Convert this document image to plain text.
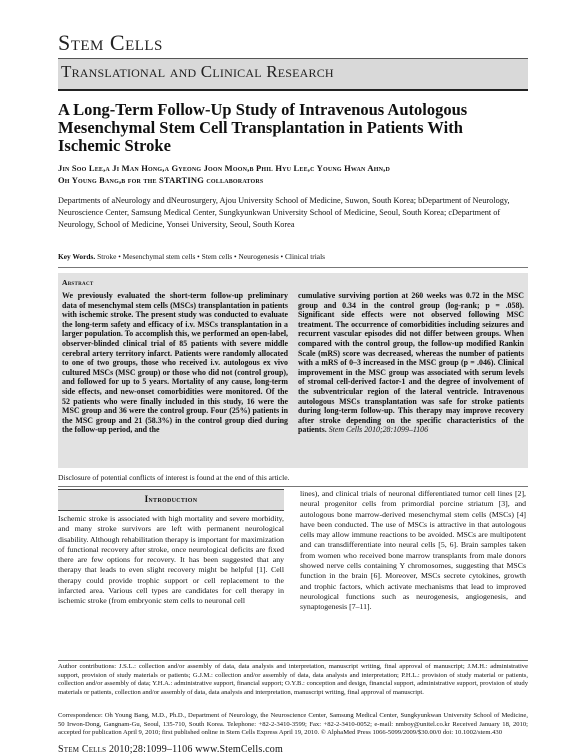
Stem Cells
Translational and Clinical Research
A Long-Term Follow-Up Study of Intravenous Autologous Mesenchymal Stem Cell Transplantation in Patients With Ischemic Stroke
Jin Soo Lee,a Ji Man Hong,a Gyeong Joon Moon,b Phil Hyu Lee,c Young Hwan Ahn,d
Oh Young Bang,b for the STARTING collaborators
Departments of aNeurology and dNeurosurgery, Ajou University School of Medicine, Suwon, South Korea; bDepartment of Neurology, Neuroscience Center, Samsung Medical Center, Sungkyunkwan University School of Medicine, Seoul, South Korea; cDepartment of Neurology, School of Medicine, Yonsei University, Seoul, South Korea
Key Words. Stroke • Mesenchymal stem cells • Stem cells • Neurogenesis • Clinical trials
Abstract
We previously evaluated the short-term follow-up preliminary data of mesenchymal stem cells (MSCs) transplantation in patients with ischemic stroke. The present study was conducted to evaluate the long-term safety and efficacy of i.v. MSCs transplantation in a larger population. To accomplish this, we performed an open-label, observer-blinded clinical trial of 85 patients with severe middle cerebral artery territory infarct. Patients were randomly allocated to one of two groups, those who received i.v. autologous ex vivo cultured MSCs (MSC group) or those who did not (control group), and followed for up to 5 years. Mortality of any cause, long-term side effects, and new-onset comorbidities were monitored. Of the 52 patients who were finally included in this study, 16 were the MSC group and 36 were the control group. Four (25%) patients in the MSC group and 21 (58.3%) in the control group died during the follow-up period, and the
cumulative surviving portion at 260 weeks was 0.72 in the MSC group and 0.34 in the control group (log-rank; p = .058). Significant side effects were not observed following MSC treatment. The occurrence of comorbidities including seizures and recurrent vascular episodes did not differ between groups. When compared with the control group, the follow-up modified Rankin Scale (mRS) score was decreased, whereas the number of patients with a mRS of 0–3 increased in the MSC group (p = .046). Clinical improvement in the MSC group was associated with serum levels of stromal cell-derived factor-1 and the degree of involvement of the subventricular region of the lateral ventricle. Intravenous autologous MSCs transplantation was safe for stroke patients during long-term follow-up. This therapy may improve recovery after stroke depending on the specific characteristics of the patients. Stem Cells 2010;28:1099–1106
Disclosure of potential conflicts of interest is found at the end of this article.
Introduction
Ischemic stroke is associated with high mortality and severe morbidity, and many stroke survivors are left with permanent neurological disability. Although rehabilitation therapy is important for maximization of functional recovery after stroke, once neurological deficits are fixed there are few options for recovery. It has been suggested that any therapy that leads to even slight recovery might be helpful [1]. Cell therapy could provide trophic support or cell replacement to the infarcted area. Various cell types are candidates for cell therapy in ischemic stroke (from embryonic stem cells to neuronal cell
lines), and clinical trials of neuronal differentiated tumor cell lines [2], neural progenitor cells from primordial porcine striatum [3], and autologous bone marrow-derived mesenchymal stem cells (MSCs) [4] have been conducted. The use of MSCs is attractive in that autologous cells may allow immune reactions to be avoided. MSCs are multipotent and can transdifferentiate into neural cells [5, 6]. Brain samples taken from women who received bone marrow transplants from male donors showed nerve cells containing Y chromosomes, suggesting that MSCs function in the brain [6]. Moreover, MSCs secrete cytokines, growth and trophic factors, which activate mechanisms that lead to improved neurological functions such as neurogenesis, angiogenesis, and synaptogenesis [7–11].
Author contributions: J.S.L.: collection and/or assembly of data, data analysis and interpretation, manuscript writing, final approval of manuscript; J.M.H.: administrative support, provision of study materials or patients; G.J.M.: collection and/or assembly of data, data analysis and interpretation; P.H.L.: provision of study material or patients, collection and/or assembly of data; Y.H.A.: administrative support, financial support; O.Y.B.: conception and design, financial support, administrative support, provision of study materials or patients, collection and/or assembly of data, data analysis and interpretation, manuscript writing, final approval of manuscript.
Correspondence: Oh Young Bang, M.D., Ph.D., Department of Neurology, the Neuroscience Center, Samsung Medical Center, Sungkyunkwan University School of Medicine, 50 Irwon-Dong, Gangnam-Gu, Seoul, 135-710, South Korea. Telephone: +82-2-3410-3599; Fax: +82-2-3410-0052; e-mail: nmboy@unitel.co.kr Received January 18, 2010; accepted for publication April 9, 2010; first published online in Stem Cells Express April 19, 2010. © AlphaMed Press 1066-5099/2009/$30.00/0 doi: 10.1002/stem.430
Stem Cells 2010;28:1099–1106 www.StemCells.com
